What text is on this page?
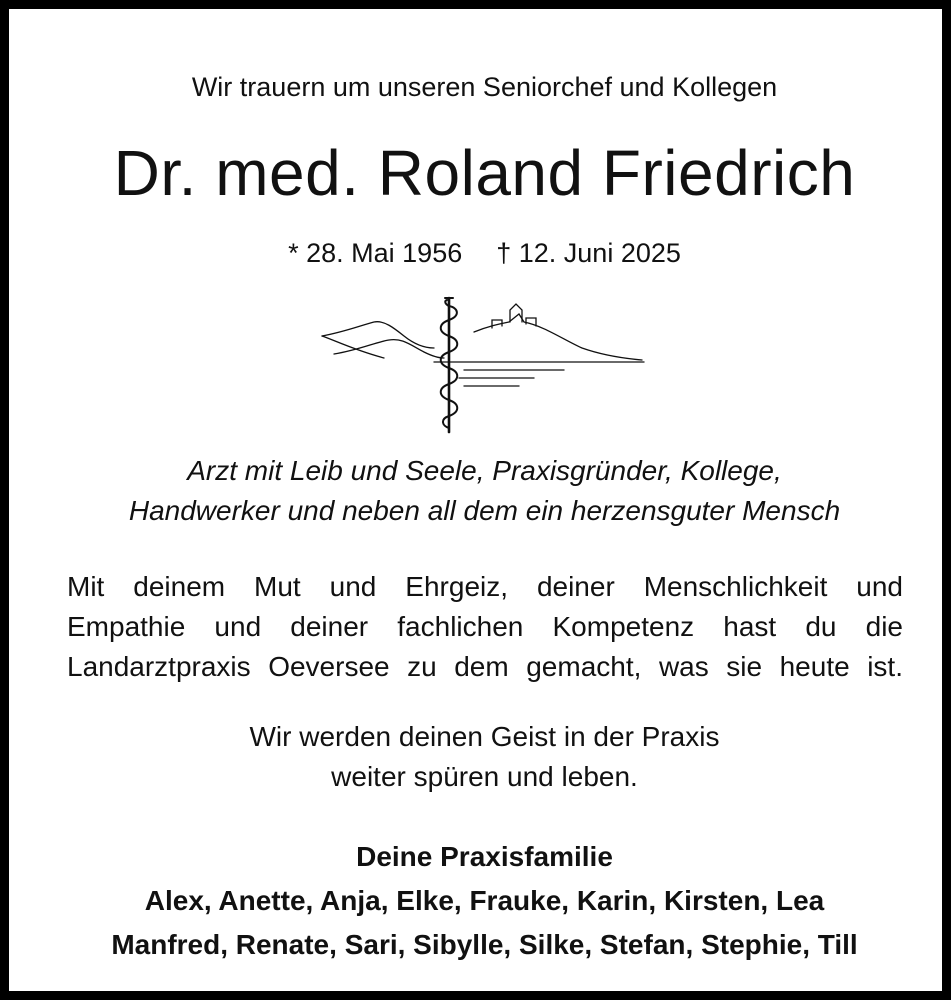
Wir trauern um unseren Seniorchef und Kollegen
Dr. med. Roland Friedrich
* 28. Mai 1956 † 12. Juni 2025
Arzt mit Leib und Seele, Praxisgründer, Kollege,
Handwerker und neben all dem ein herzensguter Mensch
Mit deinem Mut und Ehrgeiz, deiner Menschlichkeit und
Empathie und deiner fachlichen Kompetenz hast du die
Landarztpraxis Oeversee zu dem gemacht, was sie heute ist.
Wir werden deinen Geist in der Praxis
weiter spüren und leben.
Deine Praxisfamilie
Alex, Anette, Anja, Elke, Frauke, Karin, Kirsten, Lea
Manfred, Renate, Sari, Sibylle, Silke, Stefan, Stephie, Till
